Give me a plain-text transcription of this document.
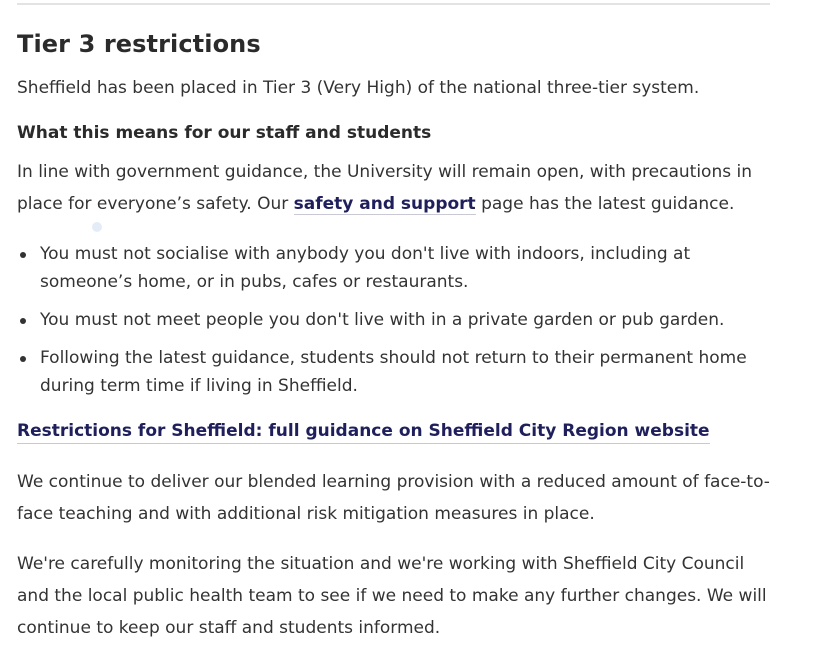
Tier 3 restrictions

Sheffield has been placed in Tier 3 (Very High) of the national three-tier system.

What this means for our staff and students

In line with government guidance, the University will remain open, with precautions in place for everyone’s safety. Our safety and support page has the latest guidance.

You must not socialise with anybody you don't live with indoors, including at someone’s home, or in pubs, cafes or restaurants.
You must not meet people you don't live with in a private garden or pub garden.
Following the latest guidance, students should not return to their permanent home during term time if living in Sheffield.
Restrictions for Sheffield: full guidance on Sheffield City Region website

We continue to deliver our blended learning provision with a reduced amount of face-to-face teaching and with additional risk mitigation measures in place.

We're carefully monitoring the situation and we're working with Sheffield City Council and the local public health team to see if we need to make any further changes. We will continue to keep our staff and students informed.
